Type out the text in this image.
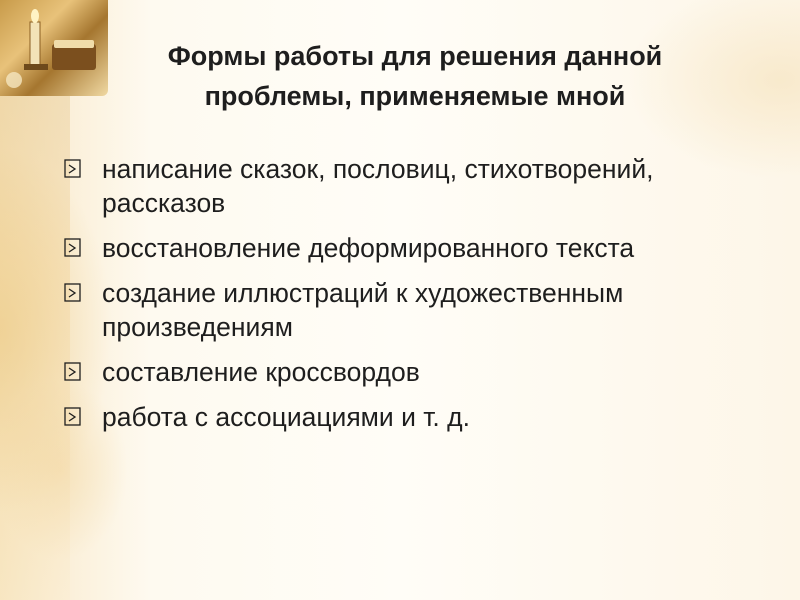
Формы работы для решения данной
проблемы, применяемые мной
написание сказок, пословиц, стихотворений, рассказов
восстановление деформированного текста
создание иллюстраций к художественным произведениям
составление кроссвордов
работа с ассоциациями и т. д.
